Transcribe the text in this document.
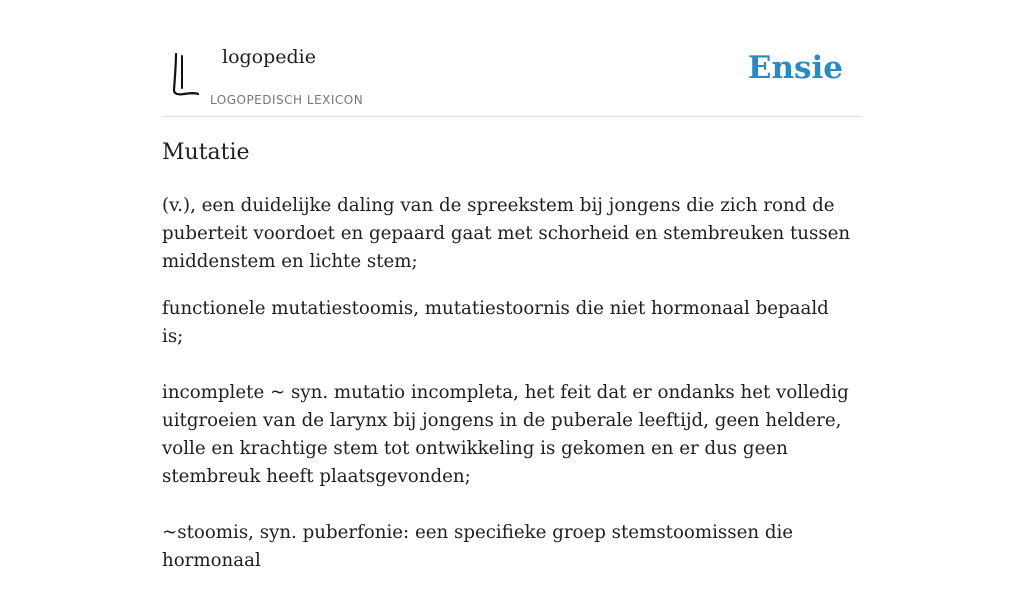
logopedie
LOGOPEDISCH LEXICON
Ensie
Mutatie

(v.), een duidelijke daling van de spreekstem bij jongens die zich rond de puberteit voordoet en gepaard gaat met schorheid en stembreuken tussen middenstem en lichte stem;

functionele mutatiestoomis, mutatiestoornis die niet hormonaal bepaald is;

incomplete ~ syn. mutatio incompleta, het feit dat er ondanks het volledig uitgroeien van de larynx bij jongens in de puberale leeftijd, geen heldere, volle en krachtige stem tot ontwikkeling is gekomen en er dus geen stembreuk heeft plaatsgevonden;

~stoomis, syn. puberfonie: een specifieke groep stemstoomissen die hormonaal
